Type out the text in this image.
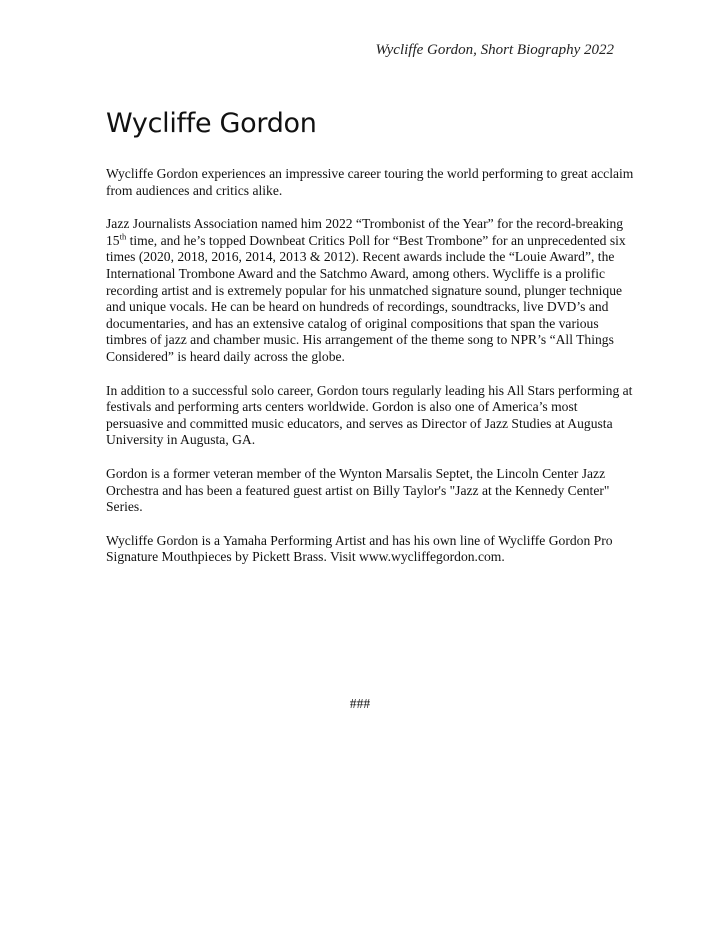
Wycliffe Gordon, Short Biography 2022
Wycliffe Gordon

Wycliffe Gordon experiences an impressive career touring the world performing to great acclaim from audiences and critics alike.

Jazz Journalists Association named him 2022 “Trombonist of the Year” for the record-breaking 15th time, and he’s topped Downbeat Critics Poll for “Best Trombone” for an unprecedented six times (2020, 2018, 2016, 2014, 2013 & 2012). Recent awards include the “Louie Award”, the International Trombone Award and the Satchmo Award, among others. Wycliffe is a prolific recording artist and is extremely popular for his unmatched signature sound, plunger technique and unique vocals. He can be heard on hundreds of recordings, soundtracks, live DVD’s and documentaries, and has an extensive catalog of original compositions that span the various timbres of jazz and chamber music. His arrangement of the theme song to NPR’s “All Things Considered” is heard daily across the globe.

In addition to a successful solo career, Gordon tours regularly leading his All Stars performing at festivals and performing arts centers worldwide. Gordon is also one of America’s most persuasive and committed music educators, and serves as Director of Jazz Studies at Augusta University in Augusta, GA.

Gordon is a former veteran member of the Wynton Marsalis Septet, the Lincoln Center Jazz Orchestra and has been a featured guest artist on Billy Taylor's "Jazz at the Kennedy Center" Series.

Wycliffe Gordon is a Yamaha Performing Artist and has his own line of Wycliffe Gordon Pro Signature Mouthpieces by Pickett Brass. Visit www.wycliffegordon.com.

###
